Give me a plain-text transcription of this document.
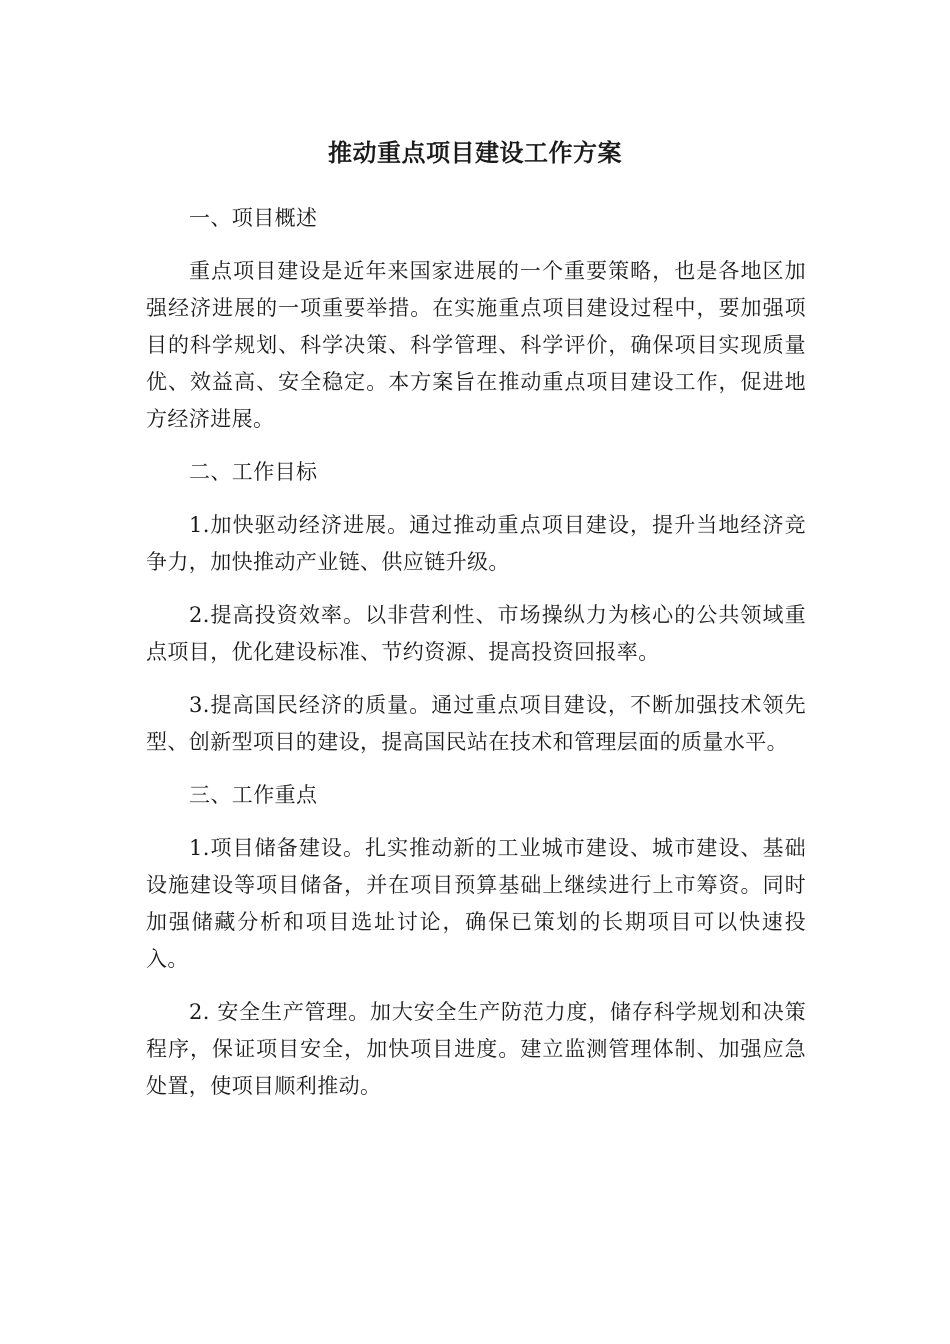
推动重点项目建设工作方案

一、项目概述

重点项目建设是近年来国家进展的一个重要策略，也是各地区加强经济进展的一项重要举措。在实施重点项目建设过程中，要加强项目的科学规划、科学决策、科学管理、科学评价，确保项目实现质量优、效益高、安全稳定。本方案旨在推动重点项目建设工作，促进地方经济进展。

二、工作目标

1.加快驱动经济进展。通过推动重点项目建设，提升当地经济竞争力，加快推动产业链、供应链升级。

2.提高投资效率。以非营利性、市场操纵力为核心的公共领域重点项目，优化建设标准、节约资源、提高投资回报率。

3.提高国民经济的质量。通过重点项目建设，不断加强技术领先型、创新型项目的建设，提高国民站在技术和管理层面的质量水平。

三、工作重点

1.项目储备建设。扎实推动新的工业城市建设、城市建设、基础设施建设等项目储备，并在项目预算基础上继续进行上市筹资。同时加强储藏分析和项目选址讨论，确保已策划的长期项目可以快速投入。

2. 安全生产管理。加大安全生产防范力度，储存科学规划和决策程序，保证项目安全，加快项目进度。建立监测管理体制、加强应急处置，使项目顺利推动。
